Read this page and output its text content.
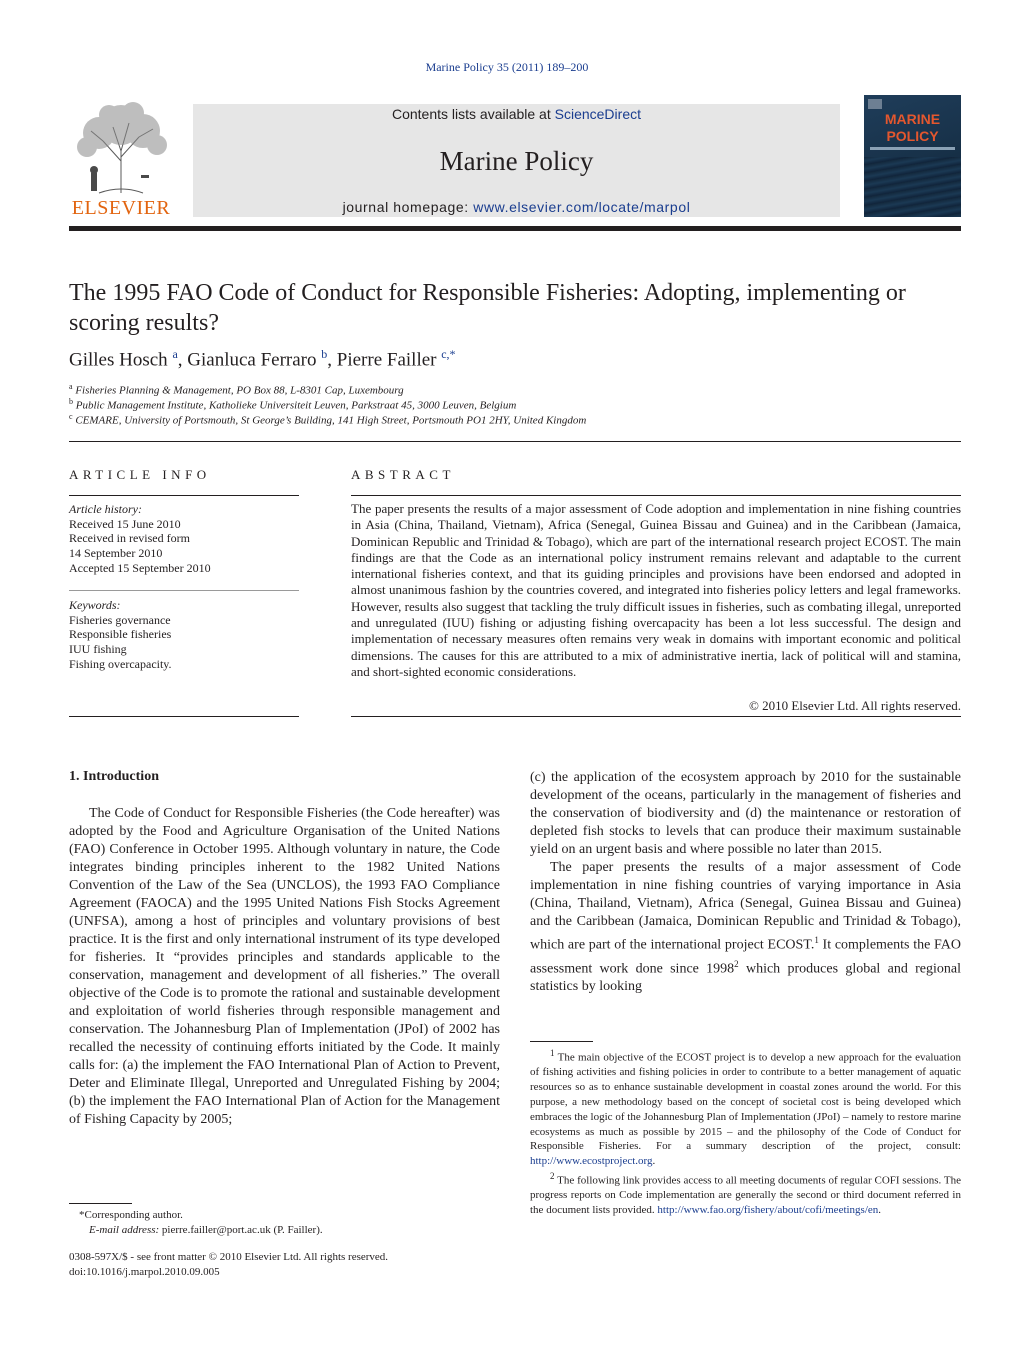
Marine Policy 35 (2011) 189–200
ELSEVIER
Contents lists available at ScienceDirect
Marine Policy
journal homepage: www.elsevier.com/locate/marpol
MARINE
POLICY
The 1995 FAO Code of Conduct for Responsible Fisheries: Adopting, implementing or scoring results?
Gilles Hosch $^a$, Gianluca Ferraro $^b$, Pierre Failler $^{c,*}$
$^a$ Fisheries Planning & Management, PO Box 88, L-8301 Cap, Luxembourg
$^b$ Public Management Institute, Katholieke Universiteit Leuven, Parkstraat 45, 3000 Leuven, Belgium
$^c$ CEMARE, University of Portsmouth, St George’s Building, 141 High Street, Portsmouth PO1 2HY, United Kingdom
ARTICLE INFO	ABSTRACT
Article history:
Received 15 June 2010
Received in revised form
14 September 2010
Accepted 15 September 2010
Keywords:
Fisheries governance
Responsible fisheries
IUU fishing
Fishing overcapacity.
The paper presents the results of a major assessment of Code adoption and implementation in nine fishing countries in Asia (China, Thailand, Vietnam), Africa (Senegal, Guinea Bissau and Guinea) and in the Caribbean (Jamaica, Dominican Republic and Trinidad & Tobago), which are part of the international research project ECOST. The main findings are that the Code as an international policy instrument remains relevant and adaptable to the current international fisheries context, and that its guiding principles and provisions have been endorsed and adopted in almost unanimous fashion by the countries covered, and integrated into fisheries policy letters and legal frameworks. However, results also suggest that tackling the truly difficult issues in fisheries, such as combating illegal, unreported and unregulated (IUU) fishing or adjusting fishing overcapacity has been a lot less successful. The design and implementation of necessary measures often remains very weak in domains with important economic and political dimensions. The causes for this are attributed to a mix of administrative inertia, lack of political will and stamina, and short-sighted economic considerations.
© 2010 Elsevier Ltd. All rights reserved.
1. Introduction

The Code of Conduct for Responsible Fisheries (the Code hereafter) was adopted by the Food and Agriculture Organisation of the United Nations (FAO) Conference in October 1995. Although voluntary in nature, the Code integrates binding principles inherent to the 1982 United Nations Convention of the Law of the Sea (UNCLOS), the 1993 FAO Compliance Agreement (FAOCA) and the 1995 United Nations Fish Stocks Agreement (UNFSA), among a host of principles and voluntary provisions of best practice. It is the first and only international instrument of its type developed for fisheries. It “provides principles and standards applicable to the conservation, management and development of all fisheries.” The overall objective of the Code is to promote the rational and sustainable development and exploitation of world fisheries through responsible management and conservation. The Johannesburg Plan of Implementation (JPoI) of 2002 has recalled the necessity of continuing efforts initiated by the Code. It mainly calls for: (a) the implement the FAO International Plan of Action to Prevent, Deter and Eliminate Illegal, Unreported and Unregulated Fishing by 2004; (b) the implement the FAO International Plan of Action for the Management of Fishing Capacity by 2005;

(c) the application of the ecosystem approach by 2010 for the sustainable development of the oceans, particularly in the management of fisheries and the conservation of biodiversity and (d) the maintenance or restoration of depleted fish stocks to levels that can produce their maximum sustainable yield on an urgent basis and where possible no later than 2015.

The paper presents the results of a major assessment of Code implementation in nine fishing countries of varying importance in Asia (China, Thailand, Vietnam), Africa (Senegal, Guinea Bissau and Guinea) and the Caribbean (Jamaica, Dominican Republic and Trinidad & Tobago), which are part of the international project ECOST.$^1$ It complements the FAO assessment work done since 1998$^2$ which produces global and regional statistics by looking

$^1$ The main objective of the ECOST project is to develop a new approach for the evaluation of fishing activities and fishing policies in order to contribute to a better management of aquatic resources so as to enhance sustainable development in coastal zones around the world. For this purpose, a new methodology based on the concept of societal cost is being developed which embraces the logic of the Johannesburg Plan of Implementation (JPoI) – namely to restore marine ecosystems as much as possible by 2015 – and the philosophy of the Code of Conduct for Responsible Fisheries. For a summary description of the project, consult: http://www.ecostproject.org.

$^2$ The following link provides access to all meeting documents of regular COFI sessions. The progress reports on Code implementation are generally the second or third document referred in the document lists provided. http://www.fao.org/fishery/about/cofi/meetings/en.

*Corresponding author.
E-mail address: pierre.failler@port.ac.uk (P. Failler).
0308-597X/$ - see front matter © 2010 Elsevier Ltd. All rights reserved.
doi:10.1016/j.marpol.2010.09.005
